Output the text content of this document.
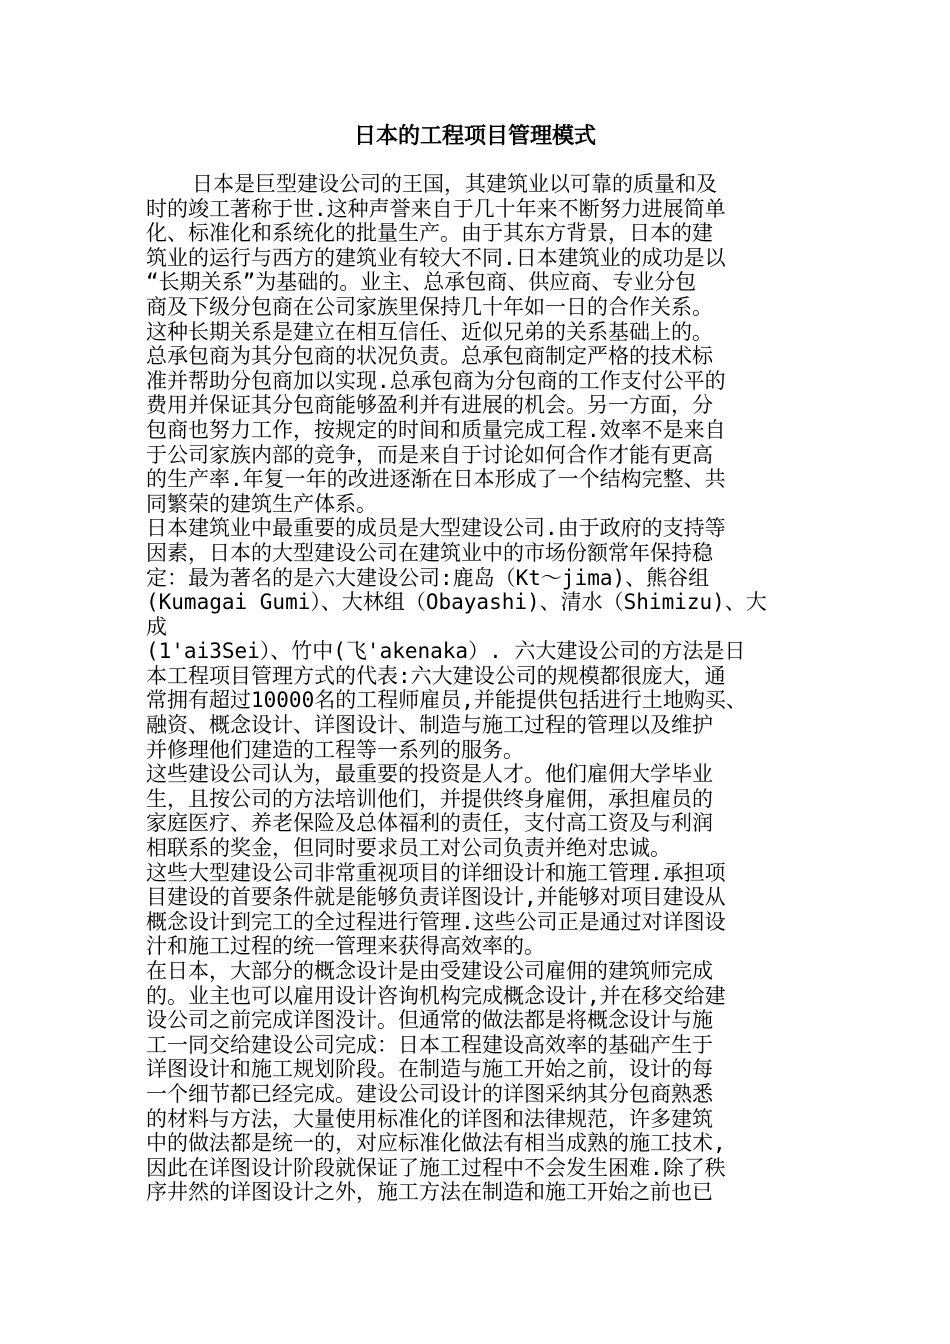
日本的工程项目管理模式
日本是巨型建设公司的王国，其建筑业以可靠的质量和及
时的竣工著称于世.这种声誉来自于几十年来不断努力进展简单
化、标准化和系统化的批量生产。由于其东方背景，日本的建
筑业的运行与西方的建筑业有较大不同.日本建筑业的成功是以
“长期关系”为基础的。业主、总承包商、供应商、专业分包
商及下级分包商在公司家族里保持几十年如一日的合作关系。
这种长期关系是建立在相互信任、近似兄弟的关系基础上的。
总承包商为其分包商的状况负责。总承包商制定严格的技术标
准并帮助分包商加以实现.总承包商为分包商的工作支付公平的
费用并保证其分包商能够盈利并有进展的机会。另一方面，分
包商也努力工作，按规定的时间和质量完成工程.效率不是来自
于公司家族内部的竞争，而是来自于讨论如何合作才能有更高
的生产率.年复一年的改进逐渐在日本形成了一个结构完整、共
同繁荣的建筑生产体系。
日本建筑业中最重要的成员是大型建设公司.由于政府的支持等
因素，日本的大型建设公司在建筑业中的市场份额常年保持稳
定：最为著名的是六大建设公司:鹿岛（Kt～jima)、熊谷组
(Kumagai Gumi）、大林组（Obayashi)、清水（Shimizu)、大
成
(1'ai3Sei）、竹中(飞'akenaka）. 六大建设公司的方法是日
本工程项目管理方式的代表:六大建设公司的规模都很庞大，通
常拥有超过10000名的工程师雇员,并能提供包括进行土地购买、
融资、概念设计、详图设计、制造与施工过程的管理以及维护
并修理他们建造的工程等一系列的服务。
这些建设公司认为，最重要的投资是人才。他们雇佣大学毕业
生，且按公司的方法培训他们，并提供终身雇佣，承担雇员的
家庭医疗、养老保险及总体福利的责任，支付高工资及与利润
相联系的奖金，但同时要求员工对公司负责并绝对忠诚。
这些大型建设公司非常重视项目的详细设计和施工管理.承担项
目建设的首要条件就是能够负责详图设计,并能够对项目建设从
概念设计到完工的全过程进行管理.这些公司正是通过对详图设
汁和施工过程的统一管理来获得高效率的。
在日本，大部分的概念设计是由受建设公司雇佣的建筑师完成
的。业主也可以雇用设计咨询机构完成概念设计,并在移交给建
设公司之前完成详图没计。但通常的做法都是将概念设计与施
工一同交给建设公司完成：日本工程建设高效率的基础产生于
详图设计和施工规划阶段。在制造与施工开始之前，设计的每
一个细节都已经完成。建设公司设计的详图采纳其分包商熟悉
的材料与方法，大量使用标准化的详图和法律规范，许多建筑
中的做法都是统一的，对应标准化做法有相当成熟的施工技术,
因此在详图设计阶段就保证了施工过程中不会发生困难.除了秩
序井然的详图设计之外，施工方法在制造和施工开始之前也已
